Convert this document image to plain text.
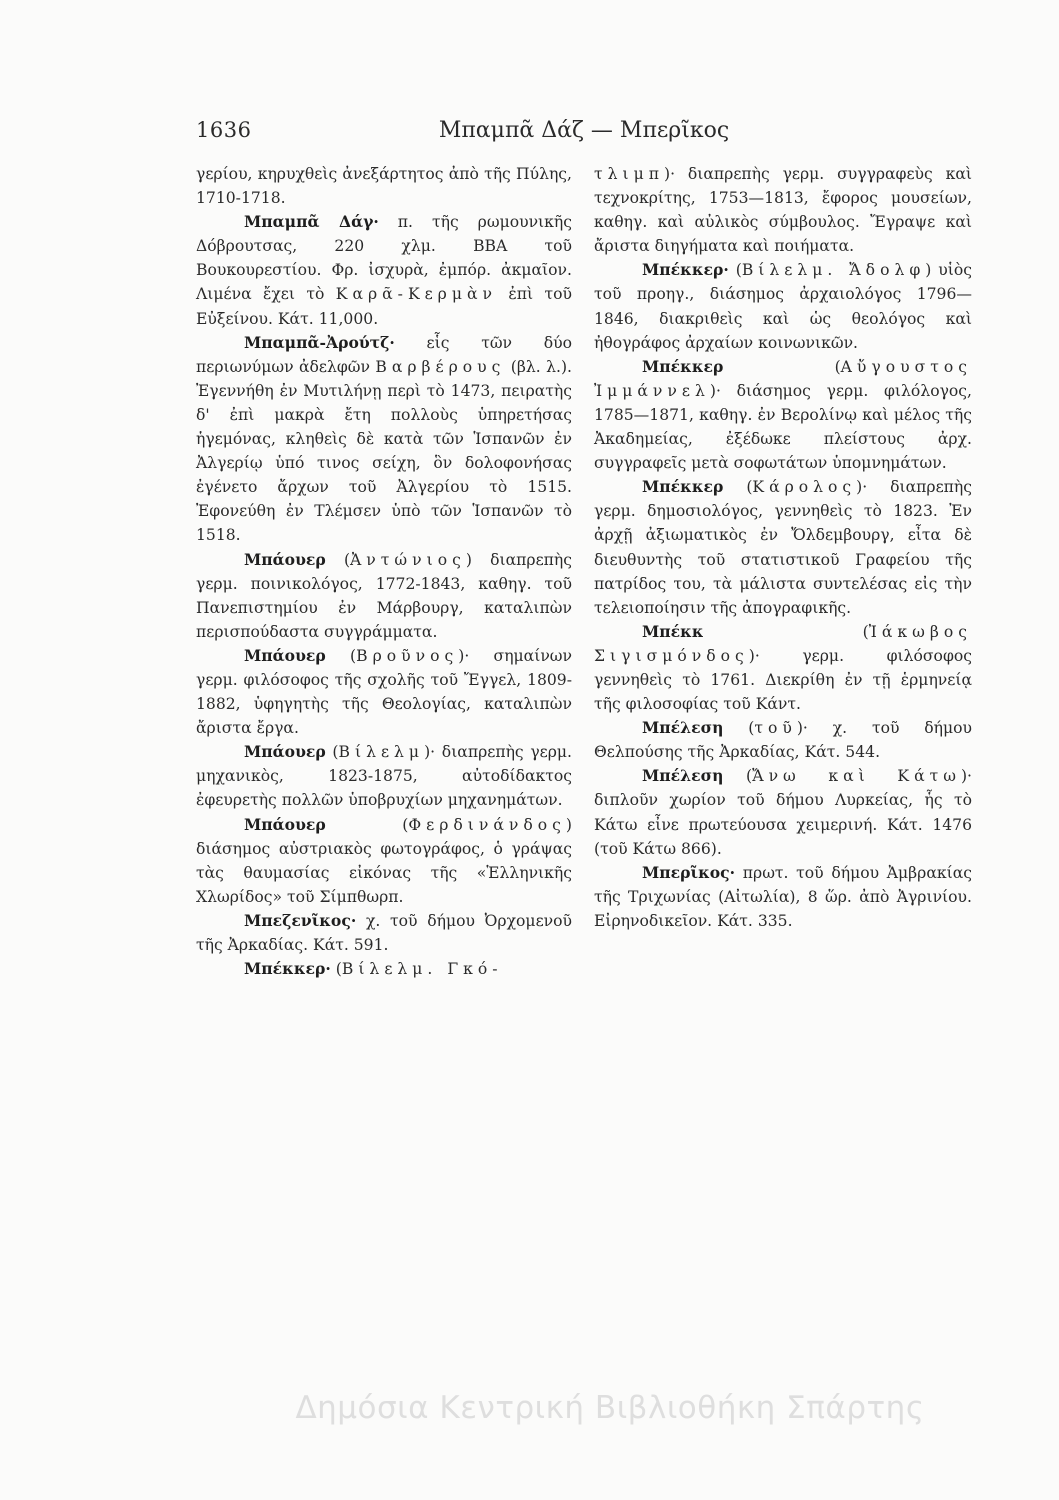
1636	Μπαμπᾶ Δάζ — Μπερῖκος

γερίου, κηρυχθεὶς ἀνεξάρτητος ἀπὸ τῆς Πύλης, 1710-1718.

Μπαμπᾶ Δάγ· π. τῆς ρωμουνικῆς Δόβρουτσας, 220 χλμ. ΒΒΑ τοῦ Βουκουρεστίου. Φρ. ἰσχυρὰ, ἐμπόρ. ἀκμαῖον. Λιμένα ἔχει τὸ Καρᾶ-Κερμὰν ἐπὶ τοῦ Εὐξείνου. Κάτ. 11,000.

Μπαμπᾶ-Ἀρούτζ· εἷς τῶν δύο περιωνύμων ἀδελφῶν Βαρβέρους (βλ. λ.). Ἐγεννήθη ἐν Μυτιλήνῃ περὶ τὸ 1473, πειρατὴς δ' ἐπὶ μακρὰ ἔτη πολλοὺς ὑπηρετήσας ἡγεμόνας, κληθεὶς δὲ κατὰ τῶν Ἱσπανῶν ἐν Ἀλγερίῳ ὑπό τινος σείχη, ὃν δολοφονήσας ἐγένετο ἄρχων τοῦ Ἀλγερίου τὸ 1515. Ἐφονεύθη ἐν Τλέμσεν ὑπὸ τῶν Ἱσπανῶν τὸ 1518.

Μπάουερ (Ἀντώνιος) διαπρεπὴς γερμ. ποινικολόγος, 1772-1843, καθηγ. τοῦ Πανεπιστημίου ἐν Μάρβουργ, καταλιπὼν περισπούδαστα συγγράμματα.

Μπάουερ (Βροῦνος)· σημαίνων γερμ. φιλόσοφος τῆς σχολῆς τοῦ Ἔγγελ, 1809-1882, ὑφηγητὴς τῆς Θεολογίας, καταλιπὼν ἄριστα ἔργα.

Μπάουερ (Βίλελμ)· διαπρεπὴς γερμ. μηχανικὸς, 1823-1875, αὐτοδίδακτος ἐφευρετὴς πολλῶν ὑποβρυχίων μηχανημάτων.

Μπάουερ (Φερδινάνδος) διάσημος αὐστριακὸς φωτογράφος, ὁ γράψας τὰς θαυμασίας εἰκόνας τῆς «Ἑλληνικῆς Χλωρίδος» τοῦ Σίμπθωρπ.

Μπεζενῖκος· χ. τοῦ δήμου Ὀρχομενοῦ τῆς Ἀρκαδίας. Κάτ. 591.

Μπέκκερ· (Βίλελμ. Γκό-

τλιμπ)· διαπρεπὴς γερμ. συγγραφεὺς καὶ τεχνοκρίτης, 1753—1813, ἔφορος μουσείων, καθηγ. καὶ αὐλικὸς σύμβουλος. Ἔγραψε καὶ ἄριστα διηγήματα καὶ ποιήματα.

Μπέκκερ· (Βίλελμ. Ἄδολφ) υἱὸς τοῦ προηγ., διάσημος ἀρχαιολόγος 1796—1846, διακριθεὶς καὶ ὡς θεολόγος καὶ ἠθογράφος ἀρχαίων κοινωνικῶν.

Μπέκκερ (Αὔγουστος Ἰμμάννελ)· διάσημος γερμ. φιλόλογος, 1785—1871, καθηγ. ἐν Βερολίνῳ καὶ μέλος τῆς Ἀκαδημείας, ἐξέδωκε πλείστους ἀρχ. συγγραφεῖς μετὰ σοφωτάτων ὑπομνημάτων.

Μπέκκερ (Κάρολος)· διαπρεπὴς γερμ. δημοσιολόγος, γεννηθεὶς τὸ 1823. Ἐν ἀρχῇ ἀξιωματικὸς ἐν Ὄλδεμβουργ, εἶτα δὲ διευθυντὴς τοῦ στατιστικοῦ Γραφείου τῆς πατρίδος του, τὰ μάλιστα συντελέσας εἰς τὴν τελειοποίησιν τῆς ἀπογραφικῆς.

Μπέκκ (Ἰάκωβος Σιγισμόνδος)· γερμ. φιλόσοφος γεννηθεὶς τὸ 1761. Διεκρίθη ἐν τῇ ἑρμηνείᾳ τῆς φιλοσοφίας τοῦ Κάντ.

Μπέλεση (τοῦ)· χ. τοῦ δήμου Θελπούσης τῆς Ἀρκαδίας, Κάτ. 544.

Μπέλεση (Ἄνω καὶ Κάτω)· διπλοῦν χωρίον τοῦ δήμου Λυρκείας, ἧς τὸ Κάτω εἶνε πρωτεύουσα χειμερινή. Κάτ. 1476 (τοῦ Κάτω 866).

Μπερῖκος· πρωτ. τοῦ δήμου Ἀμβρακίας τῆς Τριχωνίας (Αἰτωλία), 8 ὥρ. ἀπὸ Ἀγρινίου. Εἰρηνοδικεῖον. Κάτ. 335.

Δημόσια Κεντρική Βιβλιοθήκη Σπάρτης
